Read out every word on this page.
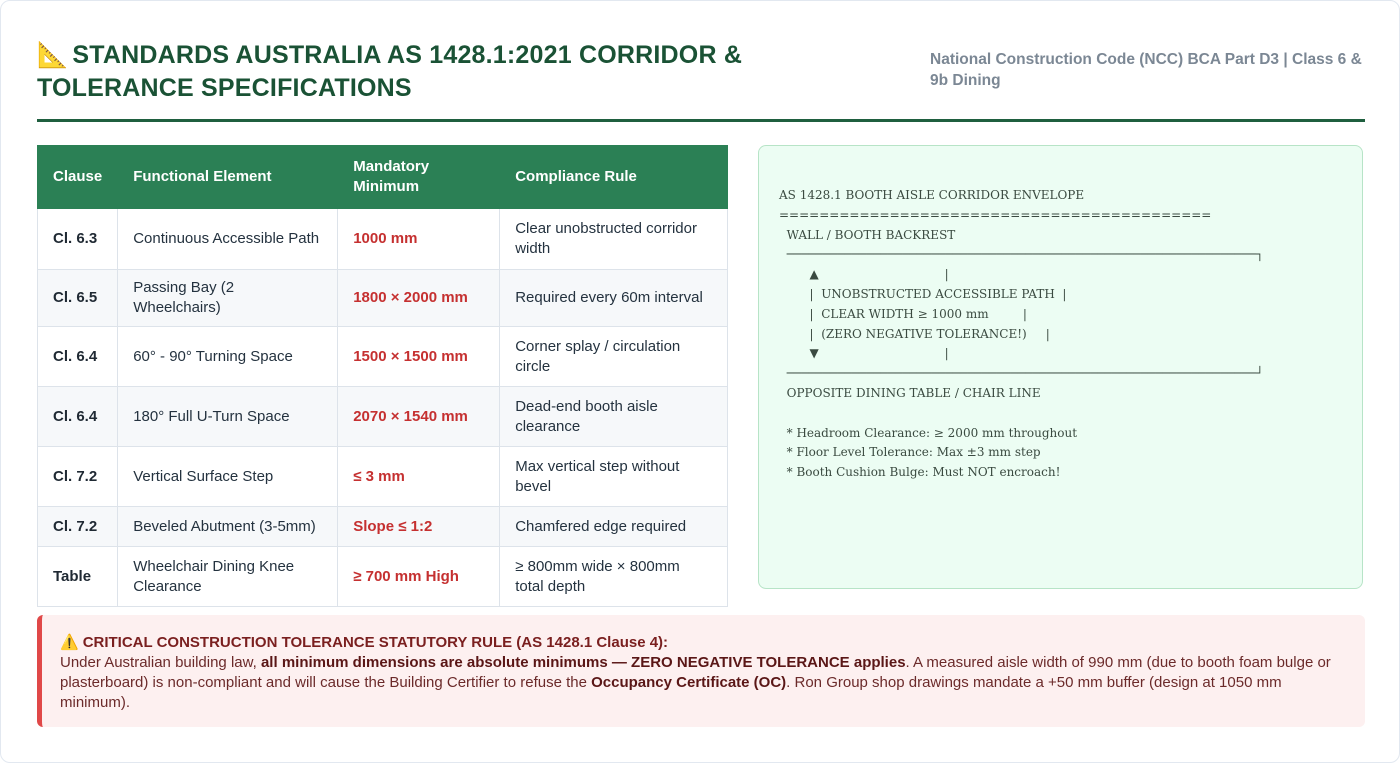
📐 STANDARDS AUSTRALIA AS 1428.1:2021 CORRIDOR & TOLERANCE SPECIFICATIONS
National Construction Code (NCC) BCA Part D3 | Class 6 & 9b Dining
Clause	Functional Element	Mandatory Minimum	Compliance Rule
Cl. 6.3	Continuous Accessible Path	1000 mm	Clear unobstructed corridor width
Cl. 6.5	Passing Bay (2 Wheelchairs)	1800 × 2000 mm	Required every 60m interval
Cl. 6.4	60° - 90° Turning Space	1500 × 1500 mm	Corner splay / circulation circle
Cl. 6.4	180° Full U-Turn Space	2070 × 1540 mm	Dead-end booth aisle clearance
Cl. 7.2	Vertical Surface Step	≤ 3 mm	Max vertical step without bevel
Cl. 7.2	Beveled Abutment (3-5mm)	Slope ≤ 1:2	Chamfered edge required
Table	Wheelchair Dining Knee Clearance	≥ 700 mm High	≥ 800mm wide × 800mm total depth
AS 1428.1 BOOTH AISLE CORRIDOR ENVELOPE
===========================================
WALL / BOOTH BACKREST
─────────────────────────────────────────────────────────────────┐
▲                                 |
|  UNOBSTRUCTED ACCESSIBLE PATH  |
|  CLEAR WIDTH ≥ 1000 mm         |
|  (ZERO NEGATIVE TOLERANCE!)     |
▼                                 |
─────────────────────────────────────────────────────────────────┘
OPPOSITE DINING TABLE / CHAIR LINE

* Headroom Clearance: ≥ 2000 mm throughout
* Floor Level Tolerance: Max ±3 mm step
* Booth Cushion Bulge: Must NOT encroach!
⚠️ CRITICAL CONSTRUCTION TOLERANCE STATUTORY RULE (AS 1428.1 Clause 4):
Under Australian building law, all minimum dimensions are absolute minimums — ZERO NEGATIVE TOLERANCE applies. A measured aisle width of 990 mm (due to booth foam bulge or plasterboard) is non-compliant and will cause the Building Certifier to refuse the Occupancy Certificate (OC). Ron Group shop drawings mandate a +50 mm buffer (design at 1050 mm minimum).
